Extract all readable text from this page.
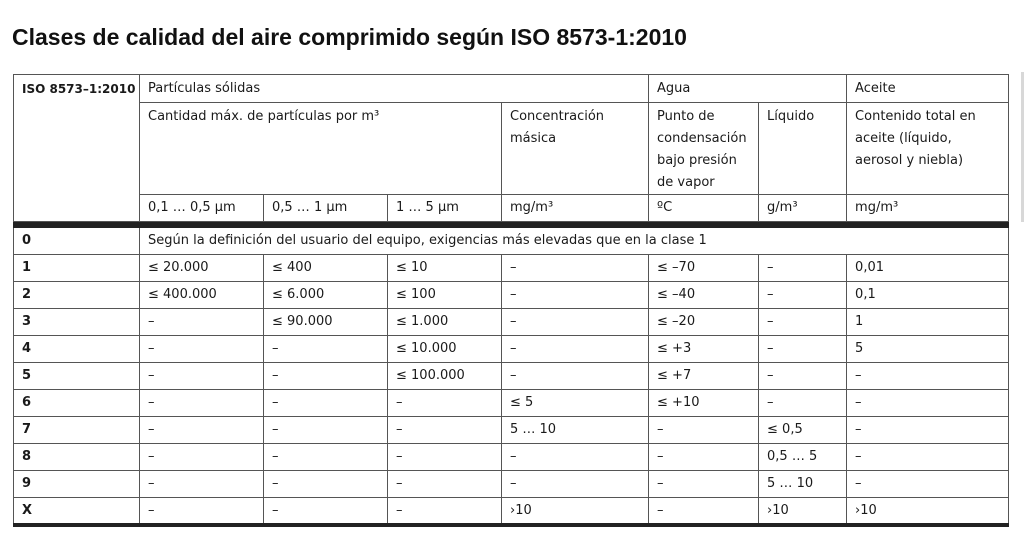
Clases de calidad del aire comprimido según ISO 8573-1:2010
ISO 8573–1:2010	Partículas sólidas				Agua		Aceite
	Cantidad máx. de partículas por m³			Concentración másica	Punto de condensación bajo presión de vapor	Líquido	Contenido total en aceite (líquido, aerosol y niebla)
	0,1 … 0,5 µm	0,5 … 1 µm	1 … 5 µm	mg/m³	ºC	g/m³	mg/m³

0	Según la definición del usuario del equipo, exigencias más elevadas que en la clase 1						
1	≤ 20.000	≤ 400	≤ 10	–	≤ –70	–	0,01
2	≤ 400.000	≤ 6.000	≤ 100	–	≤ –40	–	0,1
3	–	≤ 90.000	≤ 1.000	–	≤ –20	–	1
4	–	–	≤ 10.000	–	≤ +3	–	5
5	–	–	≤ 100.000	–	≤ +7	–	–
6	–	–	–	≤ 5	≤ +10	–	–
7	–	–	–	5 … 10	–	≤ 0,5	–
8	–	–	–	–	–	0,5 … 5	–
9	–	–	–	–	–	5 … 10	–
X	–	–	–	›10	–	›10	›10
